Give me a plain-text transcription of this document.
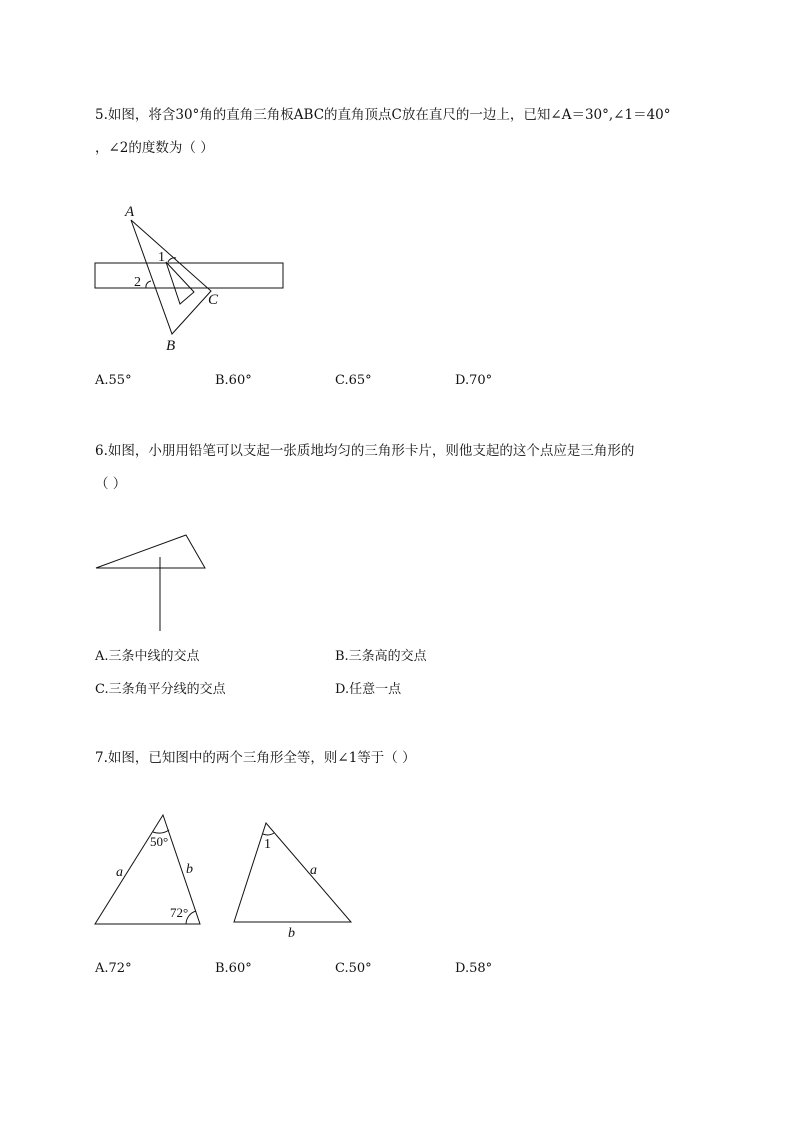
5.如图，将含30°角的直角三角板ABC的直角顶点C放在直尺的一边上，已知∠A＝30°,∠1＝40°
，∠2的度数为（ ）
A
C
B
1
2
50°
72°
a	b
1
a
b
A.55°	B.60°	C.65°	D.70°
6.如图，小朋用铅笔可以支起一张质地均匀的三角形卡片，则他支起的这个点应是三角形的
（ ）
A.三条中线的交点	B.三条高的交点
C.三条角平分线的交点	D.任意一点
7.如图，已知图中的两个三角形全等，则∠1等于（ ）
A.72°	B.60°	C.50°	D.58°
